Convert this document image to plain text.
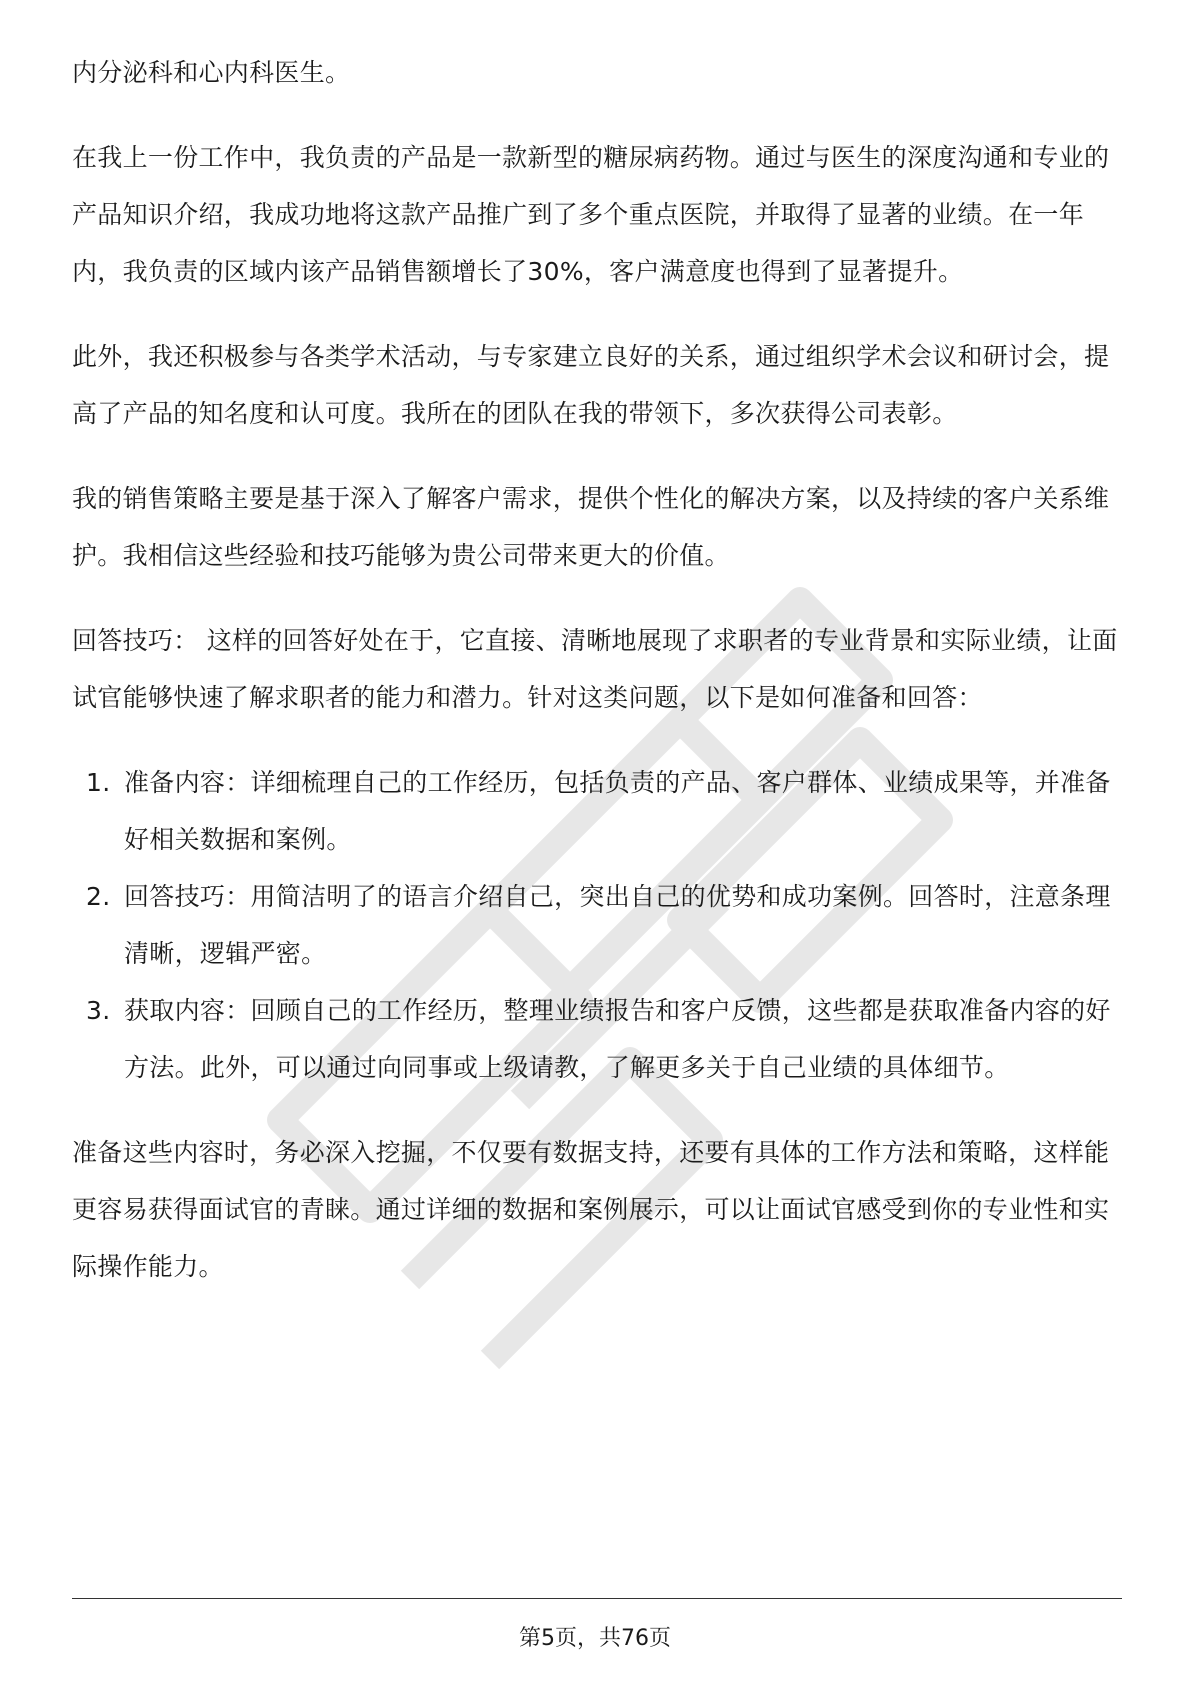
内分泌科和心内科医生。

在我上一份工作中，我负责的产品是一款新型的糖尿病药物。通过与医生的深度沟通和专业的产品知识介绍，我成功地将这款产品推广到了多个重点医院，并取得了显著的业绩。在一年内，我负责的区域内该产品销售额增长了30%，客户满意度也得到了显著提升。

此外，我还积极参与各类学术活动，与专家建立良好的关系，通过组织学术会议和研讨会，提高了产品的知名度和认可度。我所在的团队在我的带领下，多次获得公司表彰。

我的销售策略主要是基于深入了解客户需求，提供个性化的解决方案，以及持续的客户关系维护。我相信这些经验和技巧能够为贵公司带来更大的价值。

回答技巧： 这样的回答好处在于，它直接、清晰地展现了求职者的专业背景和实际业绩，让面试官能够快速了解求职者的能力和潜力。针对这类问题，以下是如何准备和回答：

1. 准备内容：详细梳理自己的工作经历，包括负责的产品、客户群体、业绩成果等，并准备好相关数据和案例。
2. 回答技巧：用简洁明了的语言介绍自己，突出自己的优势和成功案例。回答时，注意条理清晰，逻辑严密。
3. 获取内容：回顾自己的工作经历，整理业绩报告和客户反馈，这些都是获取准备内容的好方法。此外，可以通过向同事或上级请教，了解更多关于自己业绩的具体细节。

准备这些内容时，务必深入挖掘，不仅要有数据支持，还要有具体的工作方法和策略，这样能更容易获得面试官的青睐。通过详细的数据和案例展示，可以让面试官感受到你的专业性和实际操作能力。

第5页，共76页
